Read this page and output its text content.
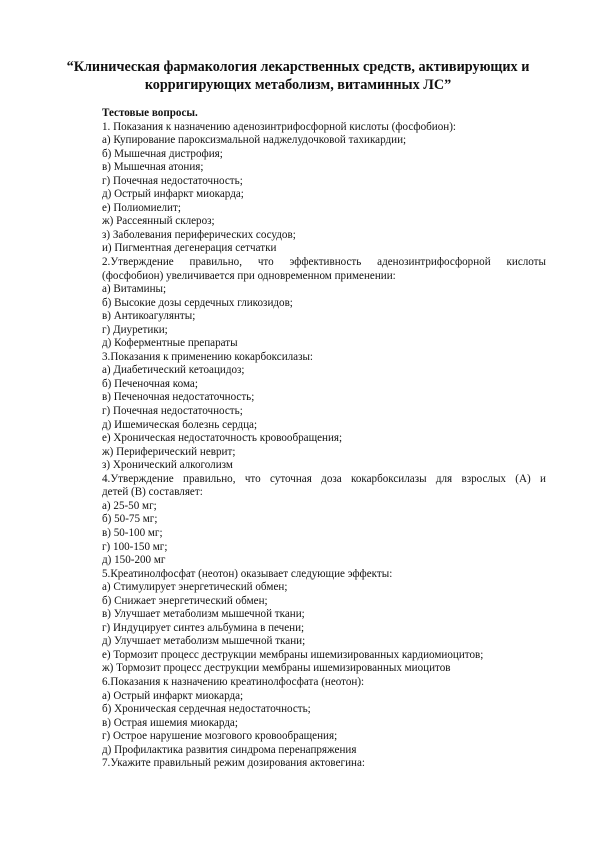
“Клиническая фармакология лекарственных средств, активирующих и
корригирующих метаболизм, витаминных ЛС”
Тестовые вопросы.
1. Показания к назначению аденозинтрифосфорной кислоты (фосфобион):
а) Купирование пароксизмальной наджелудочковой тахикардии;
б) Мышечная дистрофия;
в) Мышечная атония;
г) Почечная недостаточность;
д) Острый инфаркт миокарда;
е) Полиомиелит;
ж) Рассеянный склероз;
з) Заболевания периферических сосудов;
и) Пигментная дегенерация сетчатки
2.Утверждение правильно, что эффективность аденозинтрифосфорной кислоты
(фосфобион) увеличивается при одновременном применении:
а) Витамины;
б) Высокие дозы сердечных гликозидов;
в) Антикоагулянты;
г) Диуретики;
д) Коферментные препараты
3.Показания к применению кокарбоксилазы:
а) Диабетический кетоацидоз;
б) Печеночная кома;
в) Печеночная недостаточность;
г) Почечная недостаточность;
д) Ишемическая болезнь сердца;
е) Хроническая недостаточность кровообращения;
ж) Периферический неврит;
з) Хронический алкоголизм
4.Утверждение правильно, что суточная доза кокарбоксилазы для взрослых (А) и
детей (В) составляет:
а) 25-50 мг;
б) 50-75 мг;
в) 50-100 мг;
г) 100-150 мг;
д) 150-200 мг
5.Креатинолфосфат (неотон) оказывает следующие эффекты:
а) Стимулирует энергетический обмен;
б) Снижает энергетический обмен;
в) Улучшает метаболизм мышечной ткани;
г) Индуцирует синтез альбумина в печени;
д) Улучшает метаболизм мышечной ткани;
е) Тормозит процесс деструкции мембраны ишемизированных кардиомиоцитов;
ж) Тормозит процесс деструкции мембраны ишемизированных миоцитов
6.Показания к назначению креатинолфосфата (неотон):
а) Острый инфаркт миокарда;
б) Хроническая сердечная недостаточность;
в) Острая ишемия миокарда;
г) Острое нарушение мозгового кровообращения;
д) Профилактика развития синдрома перенапряжения
7.Укажите правильный режим дозирования актовегина:
